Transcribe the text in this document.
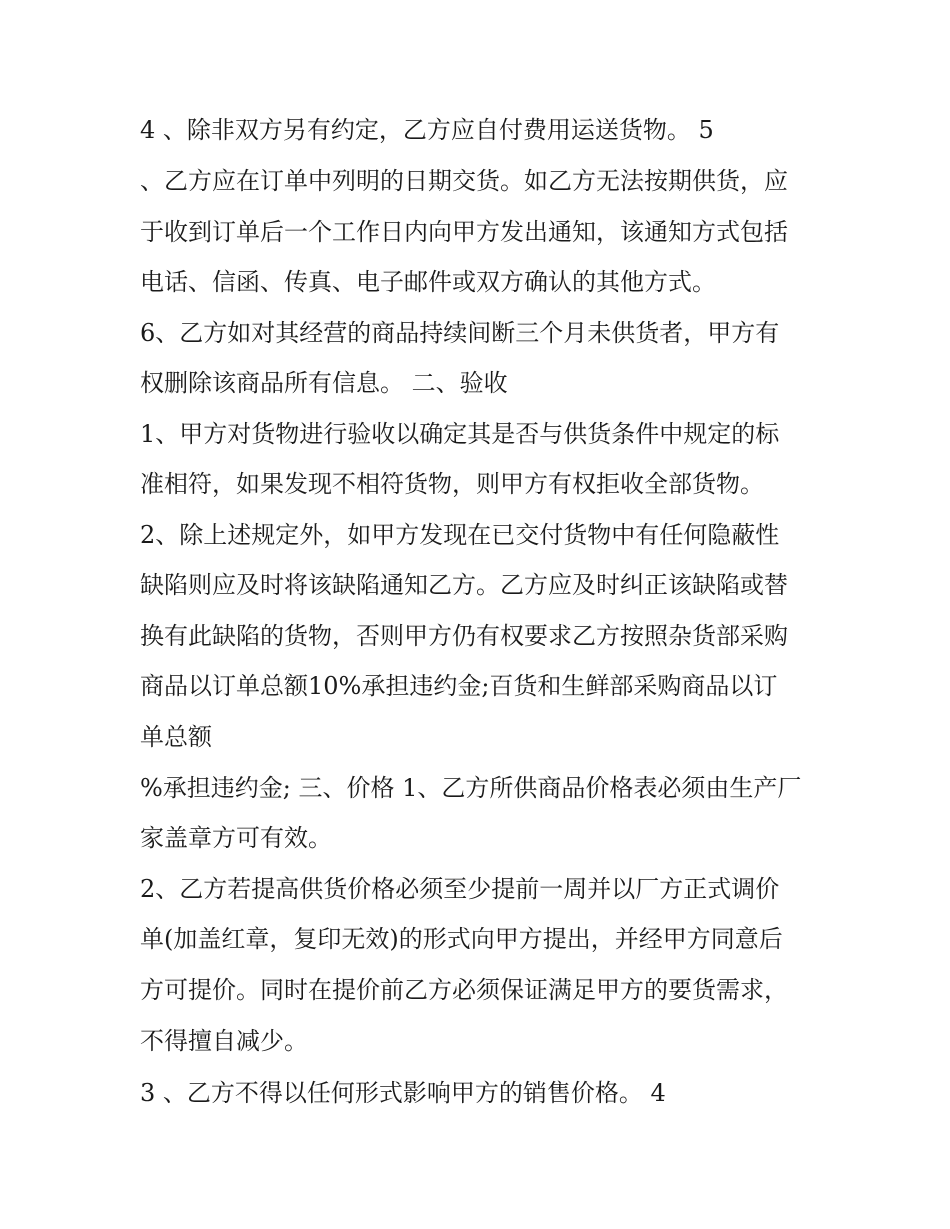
4 、除非双方另有约定，乙方应自付费用运送货物。 5
、乙方应在订单中列明的日期交货。如乙方无法按期供货，应
于收到订单后一个工作日内向甲方发出通知，该通知方式包括
电话、信函、传真、电子邮件或双方确认的其他方式。
6、乙方如对其经营的商品持续间断三个月未供货者，甲方有
权删除该商品所有信息。 二、验收
1、甲方对货物进行验收以确定其是否与供货条件中规定的标
准相符，如果发现不相符货物，则甲方有权拒收全部货物。
2、除上述规定外，如甲方发现在已交付货物中有任何隐蔽性
缺陷则应及时将该缺陷通知乙方。乙方应及时纠正该缺陷或替
换有此缺陷的货物，否则甲方仍有权要求乙方按照杂货部采购
商品以订单总额10%承担违约金;百货和生鲜部采购商品以订
单总额
%承担违约金; 三、价格 1、乙方所供商品价格表必须由生产厂
家盖章方可有效。
2、乙方若提高供货价格必须至少提前一周并以厂方正式调价
单(加盖红章，复印无效)的形式向甲方提出，并经甲方同意后
方可提价。同时在提价前乙方必须保证满足甲方的要货需求，
不得擅自减少。
3 、乙方不得以任何形式影响甲方的销售价格。 4
